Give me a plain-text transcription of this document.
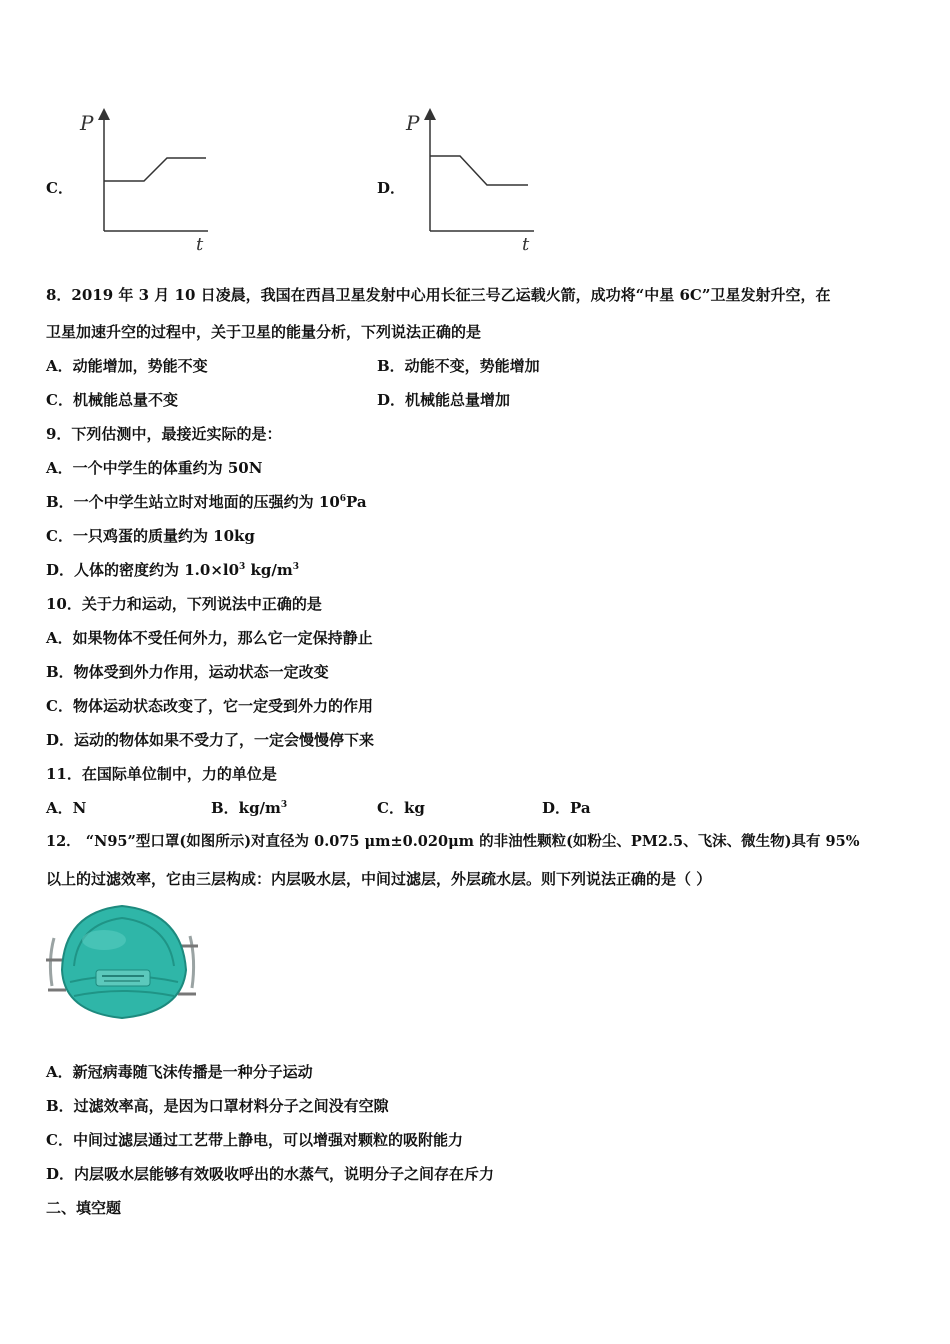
C．
P
t
D．
P
t
8．2019 年 3 月 10 日凌晨，我国在西昌卫星发射中心用长征三号乙运载火箭，成功将“中星 6C”卫星发射升空，在
卫星加速升空的过程中，关于卫星的能量分析，下列说法正确的是
A．动能增加，势能不变	B．动能不变，势能增加
C．机械能总量不变	D．机械能总量增加
9．下列估测中，最接近实际的是：
A．一个中学生的体重约为 50N
B．一个中学生站立时对地面的压强约为 $10^6Pa$
C．一只鸡蛋的质量约为 10kg
D．人体的密度约为 $1.0\times l0^3$ $kg/m^3$
10．关于力和运动，下列说法中正确的是
A．如果物体不受任何外力，那么它一定保持静止
B．物体受到外力作用，运动状态一定改变
C．物体运动状态改变了，它一定受到外力的作用
D．运动的物体如果不受力了，一定会慢慢停下来
11．在国际单位制中，力的单位是
A．N	B．$kg/m^3$	C．kg	D．Pa
12． “N95”型口罩(如图所示)对直径为 0.075 μm±0.020μm 的非油性颗粒(如粉尘、PM2.5、飞沫、微生物)具有 95%
以上的过滤效率，它由三层构成：内层吸水层，中间过滤层，外层疏水层。则下列说法正确的是（ ）
A．新冠病毒随飞沫传播是一种分子运动
B．过滤效率高，是因为口罩材料分子之间没有空隙
C．中间过滤层通过工艺带上静电，可以增强对颗粒的吸附能力
D．内层吸水层能够有效吸收呼出的水蒸气，说明分子之间存在斥力
二、填空题
